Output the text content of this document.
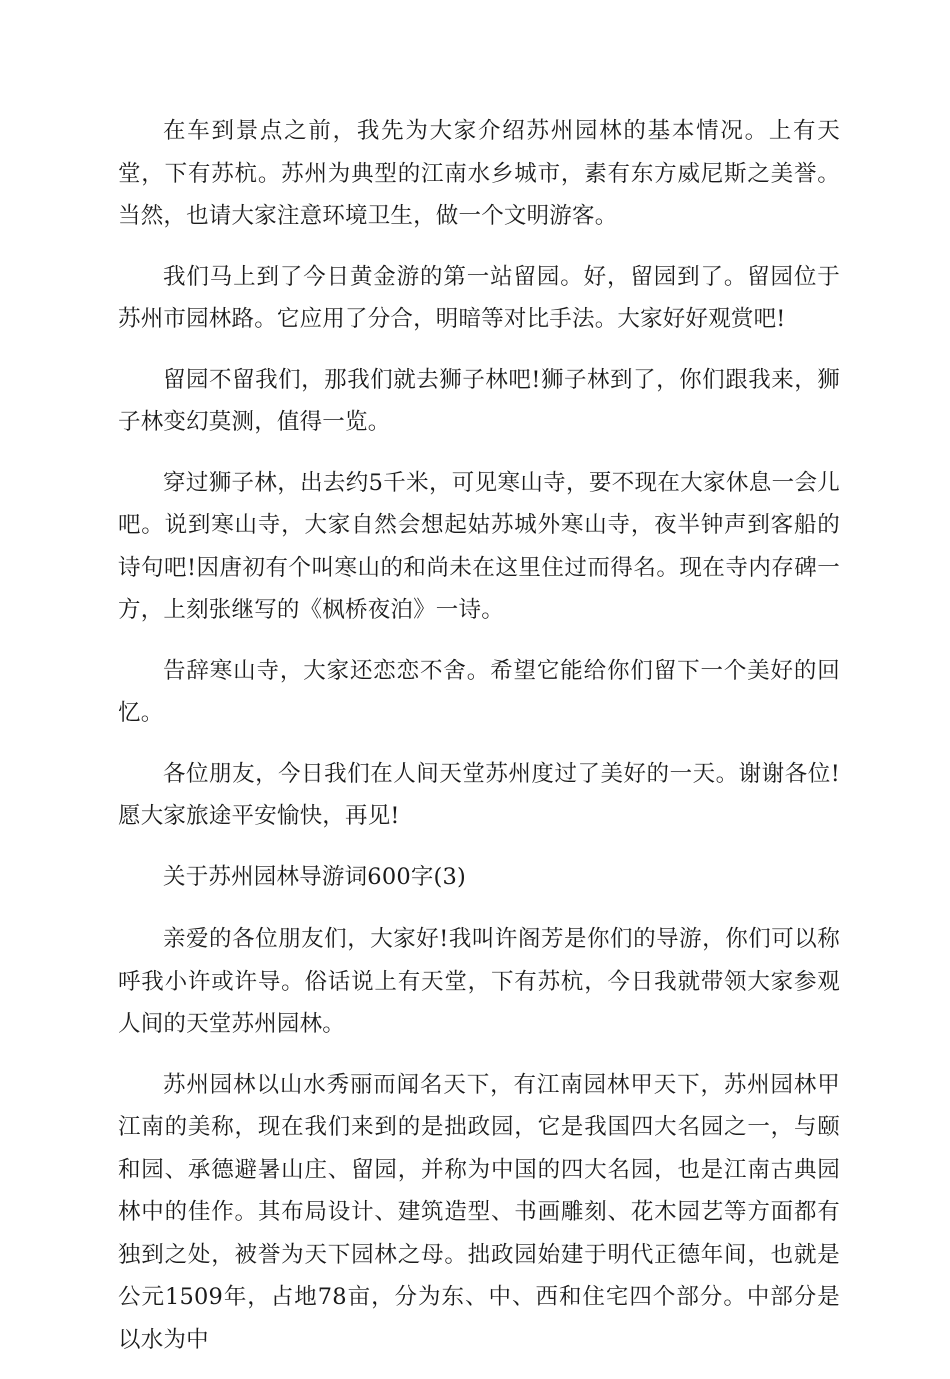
在车到景点之前，我先为大家介绍苏州园林的基本情况。上有天堂，下有苏杭。苏州为典型的江南水乡城市，素有东方威尼斯之美誉。当然，也请大家注意环境卫生，做一个文明游客。

我们马上到了今日黄金游的第一站留园。好，留园到了。留园位于苏州市园林路。它应用了分合，明暗等对比手法。大家好好观赏吧!

留园不留我们，那我们就去狮子林吧!狮子林到了，你们跟我来，狮子林变幻莫测，值得一览。

穿过狮子林，出去约5千米，可见寒山寺，要不现在大家休息一会儿吧。说到寒山寺，大家自然会想起姑苏城外寒山寺，夜半钟声到客船的诗句吧!因唐初有个叫寒山的和尚未在这里住过而得名。现在寺内存碑一方，上刻张继写的《枫桥夜泊》一诗。

告辞寒山寺，大家还恋恋不舍。希望它能给你们留下一个美好的回忆。

各位朋友，今日我们在人间天堂苏州度过了美好的一天。谢谢各位!愿大家旅途平安愉快，再见!

关于苏州园林导游词600字(3)

亲爱的各位朋友们，大家好!我叫许阁芳是你们的导游，你们可以称呼我小许或许导。俗话说上有天堂，下有苏杭，今日我就带领大家参观人间的天堂苏州园林。

苏州园林以山水秀丽而闻名天下，有江南园林甲天下，苏州园林甲江南的美称，现在我们来到的是拙政园，它是我国四大名园之一，与颐和园、承德避暑山庄、留园，并称为中国的四大名园，也是江南古典园林中的佳作。其布局设计、建筑造型、书画雕刻、花木园艺等方面都有独到之处，被誉为天下园林之母。拙政园始建于明代正德年间，也就是公元1509年，占地78亩，分为东、中、西和住宅四个部分。中部分是以水为中
